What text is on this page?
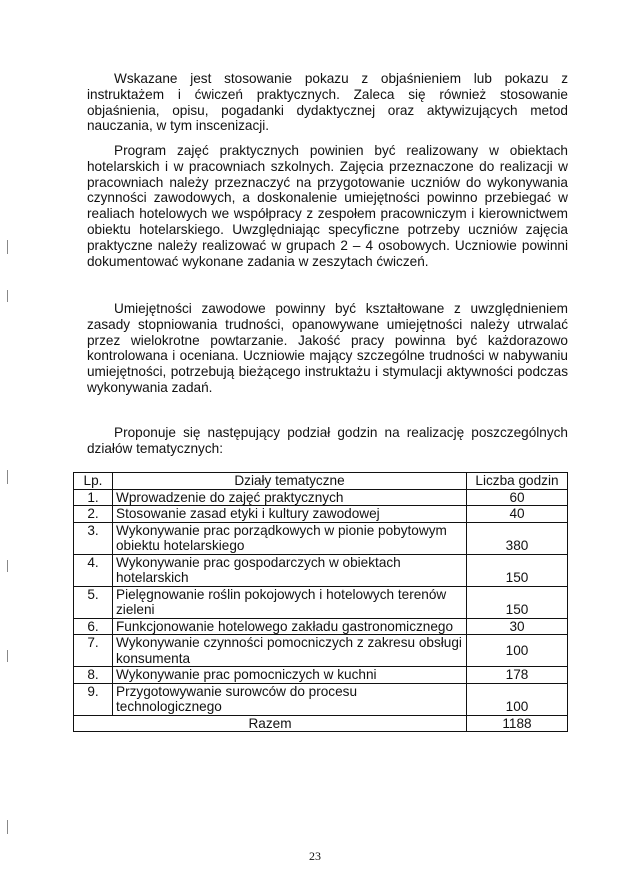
Wskazane jest stosowanie pokazu z objaśnieniem lub pokazu z instruktażem i ćwiczeń praktycznych. Zaleca się również stosowanie objaśnienia, opisu, pogadanki dydaktycznej oraz aktywizujących metod nauczania, w tym inscenizacji.

Program zajęć praktycznych powinien być realizowany w obiektach hotelarskich i w pracowniach szkolnych. Zajęcia przeznaczone do realizacji w pracowniach należy przeznaczyć na przygotowanie uczniów do wykonywania czynności zawodowych, a doskonalenie umiejętności powinno przebiegać w realiach hotelowych we współpracy z zespołem pracowniczym i kierownictwem obiektu hotelarskiego. Uwzględniając specyficzne potrzeby uczniów zajęcia praktyczne należy realizować w grupach 2 – 4 osobowych. Uczniowie powinni dokumentować wykonane zadania w zeszytach ćwiczeń.

Umiejętności zawodowe powinny być kształtowane z uwzględnieniem zasady stopniowania trudności, opanowywane umiejętności należy utrwalać przez wielokrotne powtarzanie. Jakość pracy powinna być każdorazowo kontrolowana i oceniana. Uczniowie mający szczególne trudności w nabywaniu umiejętności, potrzebują bieżącego instruktażu i stymulacji aktywności podczas wykonywania zadań.

Proponuje się następujący podział godzin na realizację poszczególnych działów tematycznych:

Lp.	Działy tematyczne	Liczba godzin
1.	Wprowadzenie do zajęć praktycznych	60
2.	Stosowanie zasad etyki i kultury zawodowej	40
3.	Wykonywanie prac porządkowych w pionie pobytowym obiektu hotelarskiego	380
4.	Wykonywanie prac gospodarczych w obiektach hotelarskich	150
5.	Pielęgnowanie roślin pokojowych i hotelowych terenów zieleni	150
6.	Funkcjonowanie hotelowego zakładu gastronomicznego	30
7.	Wykonywanie czynności pomocniczych z zakresu obsługi konsumenta	100
8.	Wykonywanie prac pomocniczych w kuchni	178
9.	Przygotowywanie surowców do procesu technologicznego	100
Razem		1188
23
